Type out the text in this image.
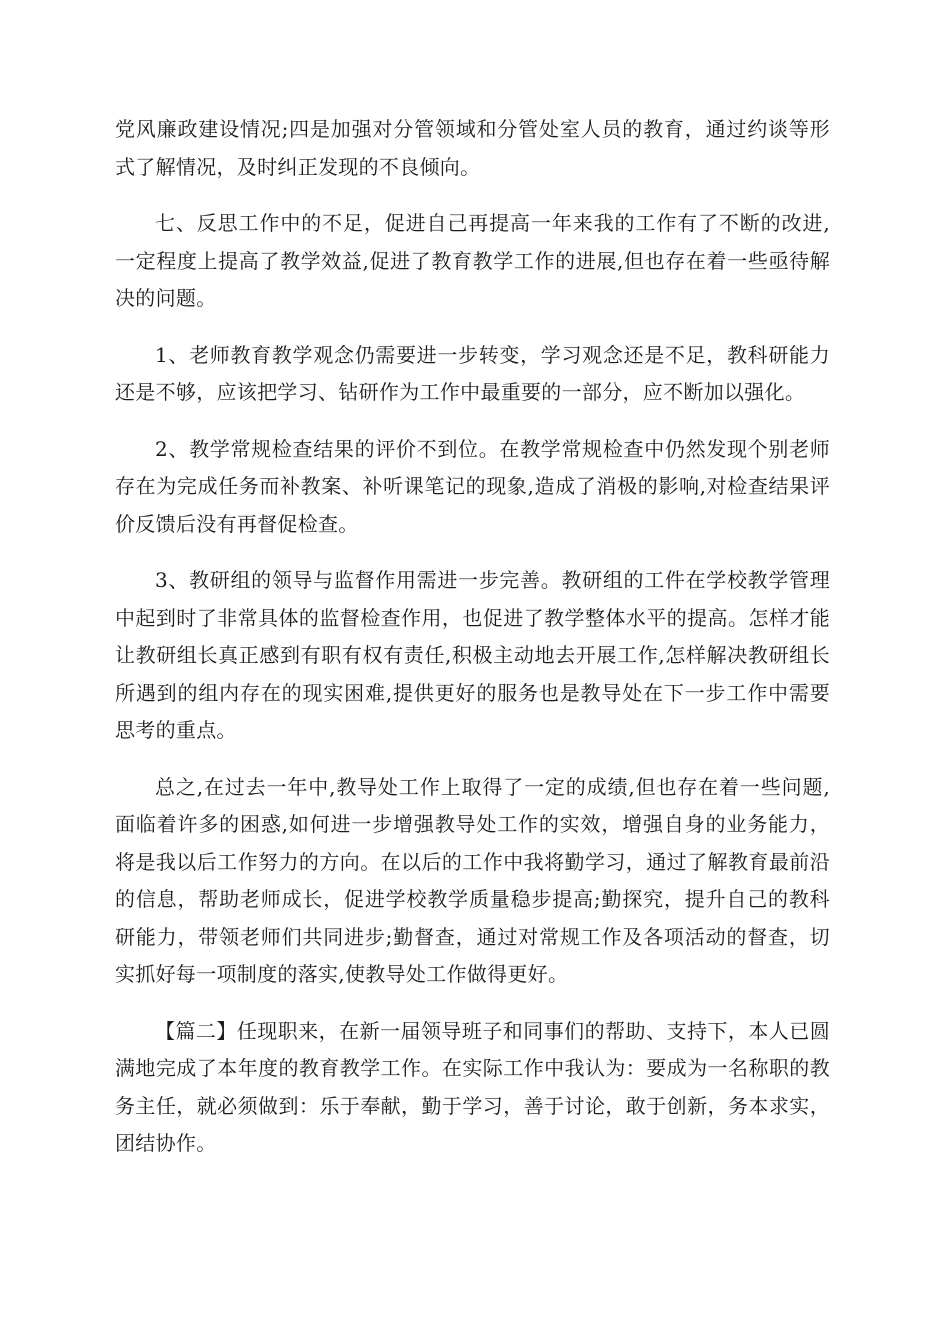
党风廉政建设情况;四是加强对分管领域和分管处室人员的教育，通过约谈等形式了解情况，及时纠正发现的不良倾向。

七、反思工作中的不足，促进自己再提高一年来我的工作有了不断的改进,一定程度上提高了教学效益,促进了教育教学工作的进展,但也存在着一些亟待解决的问题。

1、老师教育教学观念仍需要进一步转变，学习观念还是不足，教科研能力还是不够，应该把学习、钻研作为工作中最重要的一部分，应不断加以强化。

2、教学常规检查结果的评价不到位。在教学常规检查中仍然发现个别老师存在为完成任务而补教案、补听课笔记的现象,造成了消极的影响,对检查结果评价反馈后没有再督促检查。

3、教研组的领导与监督作用需进一步完善。教研组的工件在学校教学管理中起到时了非常具体的监督检查作用，也促进了教学整体水平的提高。怎样才能让教研组长真正感到有职有权有责任,积极主动地去开展工作,怎样解决教研组长所遇到的组内存在的现实困难,提供更好的服务也是教导处在下一步工作中需要思考的重点。

总之,在过去一年中,教导处工作上取得了一定的成绩,但也存在着一些问题,面临着许多的困惑,如何进一步增强教导处工作的实效，增强自身的业务能力，将是我以后工作努力的方向。在以后的工作中我将勤学习，通过了解教育最前沿的信息，帮助老师成长，促进学校教学质量稳步提高;勤探究，提升自己的教科研能力，带领老师们共同进步;勤督查，通过对常规工作及各项活动的督查，切实抓好每一项制度的落实,使教导处工作做得更好。

【篇二】任现职来，在新一届领导班子和同事们的帮助、支持下，本人已圆满地完成了本年度的教育教学工作。在实际工作中我认为：要成为一名称职的教务主任，就必须做到：乐于奉献，勤于学习，善于讨论，敢于创新，务本求实，团结协作。
